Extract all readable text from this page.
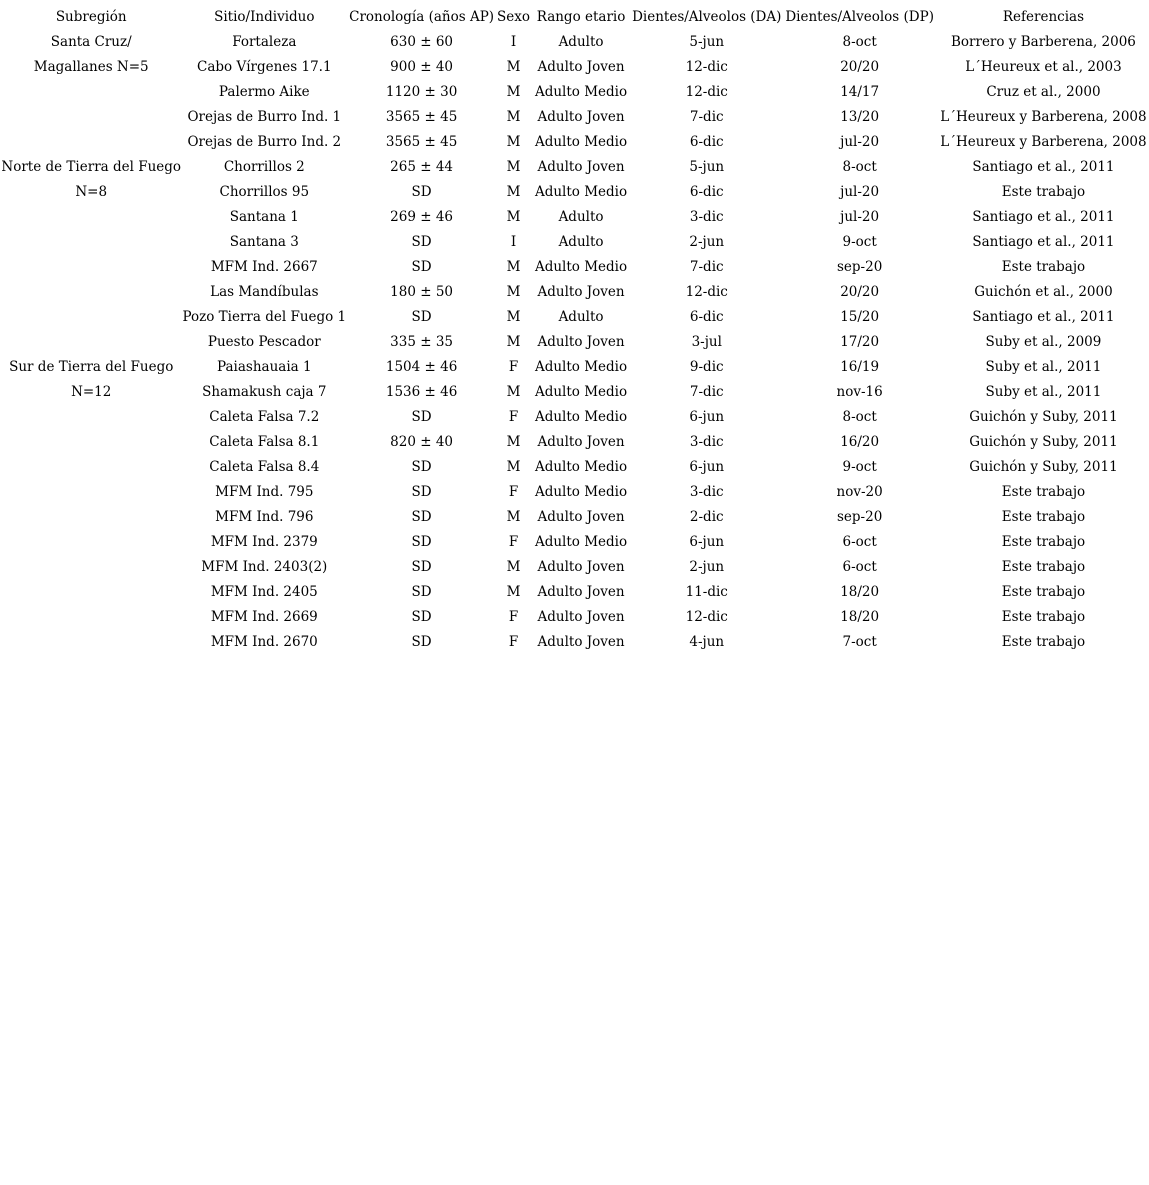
Subregión	Sitio/Individuo	Cronología (años AP)	Sexo	Rango etario	Dientes/Alveolos (DA)	Dientes/Alveolos (DP)	Referencias
Santa Cruz/	Fortaleza	630 ± 60	I	Adulto	5-jun	8-oct	Borrero y Barberena, 2006
Magallanes N=5	Cabo Vírgenes 17.1	900 ± 40	M	Adulto Joven	12-dic	20/20	L´Heureux et al., 2003
	Palermo Aike	1120 ± 30	M	Adulto Medio	12-dic	14/17	Cruz et al., 2000
	Orejas de Burro Ind. 1	3565 ± 45	M	Adulto Joven	7-dic	13/20	L´Heureux y Barberena, 2008
	Orejas de Burro Ind. 2	3565 ± 45	M	Adulto Medio	6-dic	jul-20	L´Heureux y Barberena, 2008
Norte de Tierra del Fuego	Chorrillos 2	265 ± 44	M	Adulto Joven	5-jun	8-oct	Santiago et al., 2011
N=8	Chorrillos 95	SD	M	Adulto Medio	6-dic	jul-20	Este trabajo
	Santana 1	269 ± 46	M	Adulto	3-dic	jul-20	Santiago et al., 2011
	Santana 3	SD	I	Adulto	2-jun	9-oct	Santiago et al., 2011
	MFM Ind. 2667	SD	M	Adulto Medio	7-dic	sep-20	Este trabajo
	Las Mandíbulas	180 ± 50	M	Adulto Joven	12-dic	20/20	Guichón et al., 2000
	Pozo Tierra del Fuego 1	SD	M	Adulto	6-dic	15/20	Santiago et al., 2011
	Puesto Pescador	335 ± 35	M	Adulto Joven	3-jul	17/20	Suby et al., 2009
Sur de Tierra del Fuego	Paiashauaia 1	1504 ± 46	F	Adulto Medio	9-dic	16/19	Suby et al., 2011
N=12	Shamakush caja 7	1536 ± 46	M	Adulto Medio	7-dic	nov-16	Suby et al., 2011
	Caleta Falsa 7.2	SD	F	Adulto Medio	6-jun	8-oct	Guichón y Suby, 2011
	Caleta Falsa 8.1	820 ± 40	M	Adulto Joven	3-dic	16/20	Guichón y Suby, 2011
	Caleta Falsa 8.4	SD	M	Adulto Medio	6-jun	9-oct	Guichón y Suby, 2011
	MFM Ind. 795	SD	F	Adulto Medio	3-dic	nov-20	Este trabajo
	MFM Ind. 796	SD	M	Adulto Joven	2-dic	sep-20	Este trabajo
	MFM Ind. 2379	SD	F	Adulto Medio	6-jun	6-oct	Este trabajo
	MFM Ind. 2403(2)	SD	M	Adulto Joven	2-jun	6-oct	Este trabajo
	MFM Ind. 2405	SD	M	Adulto Joven	11-dic	18/20	Este trabajo
	MFM Ind. 2669	SD	F	Adulto Joven	12-dic	18/20	Este trabajo
	MFM Ind. 2670	SD	F	Adulto Joven	4-jun	7-oct	Este trabajo
